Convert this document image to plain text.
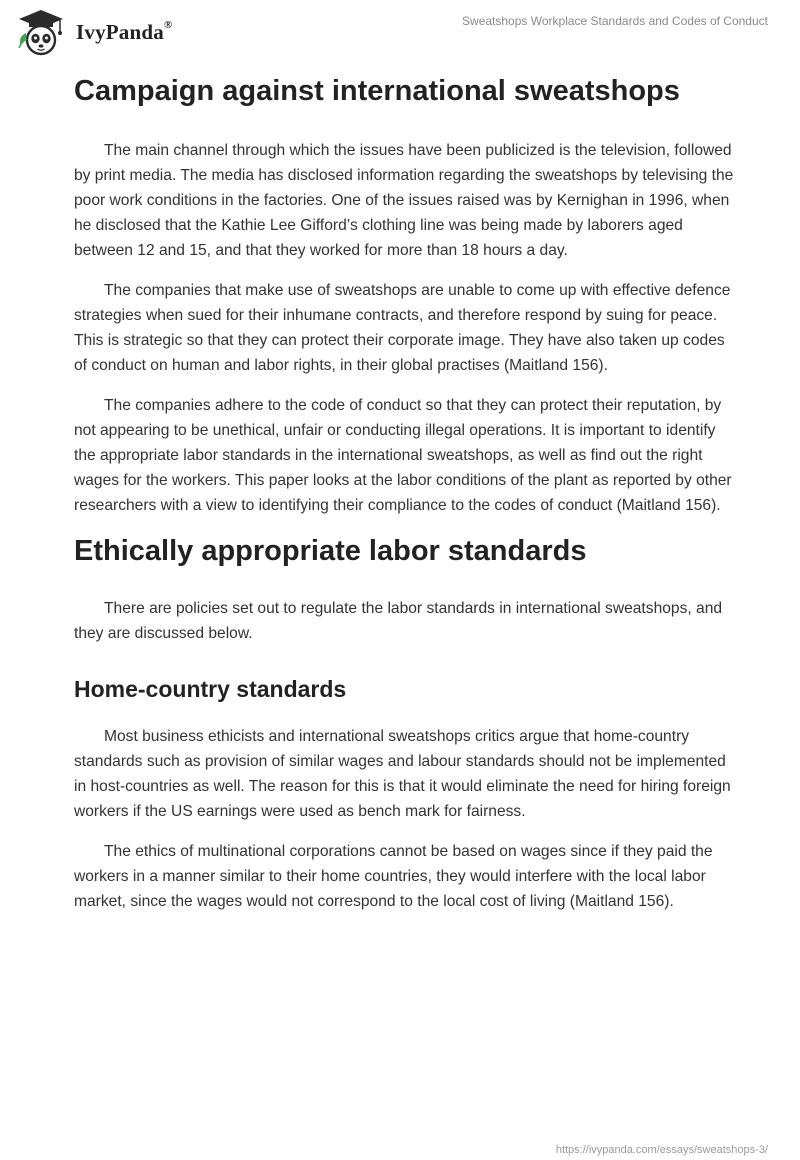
IvyPanda®	Sweatshops Workplace Standards and Codes of Conduct
Campaign against international sweatshops

The main channel through which the issues have been publicized is the television, followed by print media. The media has disclosed information regarding the sweatshops by televising the poor work conditions in the factories. One of the issues raised was by Kernighan in 1996, when he disclosed that the Kathie Lee Gifford’s clothing line was being made by laborers aged between 12 and 15, and that they worked for more than 18 hours a day.

The companies that make use of sweatshops are unable to come up with effective defence strategies when sued for their inhumane contracts, and therefore respond by suing for peace. This is strategic so that they can protect their corporate image. They have also taken up codes of conduct on human and labor rights, in their global practises (Maitland 156).

The companies adhere to the code of conduct so that they can protect their reputation, by not appearing to be unethical, unfair or conducting illegal operations. It is important to identify the appropriate labor standards in the international sweatshops, as well as find out the right wages for the workers. This paper looks at the labor conditions of the plant as reported by other researchers with a view to identifying their compliance to the codes of conduct (Maitland 156).

Ethically appropriate labor standards

There are policies set out to regulate the labor standards in international sweatshops, and they are discussed below.

Home-country standards

Most business ethicists and international sweatshops critics argue that home-country standards such as provision of similar wages and labour standards should not be implemented in host-countries as well. The reason for this is that it would eliminate the need for hiring foreign workers if the US earnings were used as bench mark for fairness.

The ethics of multinational corporations cannot be based on wages since if they paid the workers in a manner similar to their home countries, they would interfere with the local labor market, since the wages would not correspond to the local cost of living (Maitland 156).

https://ivypanda.com/essays/sweatshops-3/
